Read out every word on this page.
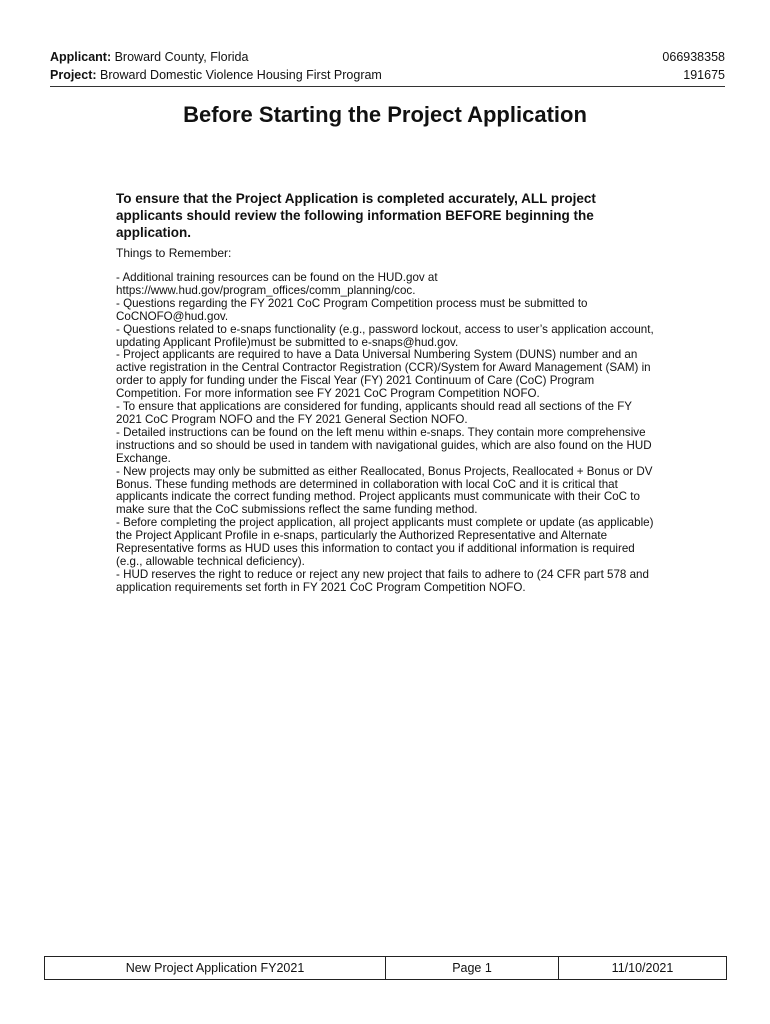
Applicant: Broward County, Florida	066938358
Project: Broward Domestic Violence Housing First Program	191675
Before Starting the Project Application

To ensure that the Project Application is completed accurately, ALL project applicants should review the following information BEFORE beginning the application.

Things to Remember:

- Additional training resources can be found on the HUD.gov at https://www.hud.gov/program_offices/comm_planning/coc.
- Questions regarding the FY 2021 CoC Program Competition process must be submitted to CoCNOFO@hud.gov.
- Questions related to e-snaps functionality (e.g., password lockout, access to user’s application account, updating Applicant Profile)must be submitted to e-snaps@hud.gov.
- Project applicants are required to have a Data Universal Numbering System (DUNS) number and an active registration in the Central Contractor Registration (CCR)/System for Award Management (SAM) in order to apply for funding under the Fiscal Year (FY) 2021 Continuum of Care (CoC) Program Competition. For more information see FY 2021 CoC Program Competition NOFO.
- To ensure that applications are considered for funding, applicants should read all sections of the FY 2021 CoC Program NOFO and the FY 2021 General Section NOFO.
- Detailed instructions can be found on the left menu within e-snaps. They contain more comprehensive instructions and so should be used in tandem with navigational guides, which are also found on the HUD Exchange.
- New projects may only be submitted as either Reallocated, Bonus Projects, Reallocated + Bonus or DV Bonus. These funding methods are determined in collaboration with local CoC and it is critical that applicants indicate the correct funding method. Project applicants must communicate with their CoC to make sure that the CoC submissions reflect the same funding method.
- Before completing the project application, all project applicants must complete or update (as applicable) the Project Applicant Profile in e-snaps, particularly the Authorized Representative and Alternate Representative forms as HUD uses this information to contact you if additional information is required (e.g., allowable technical deficiency).
- HUD reserves the right to reduce or reject any new project that fails to adhere to (24 CFR part 578 and application requirements set forth in FY 2021 CoC Program Competition NOFO.
New Project Application FY2021	Page 1	11/10/2021
